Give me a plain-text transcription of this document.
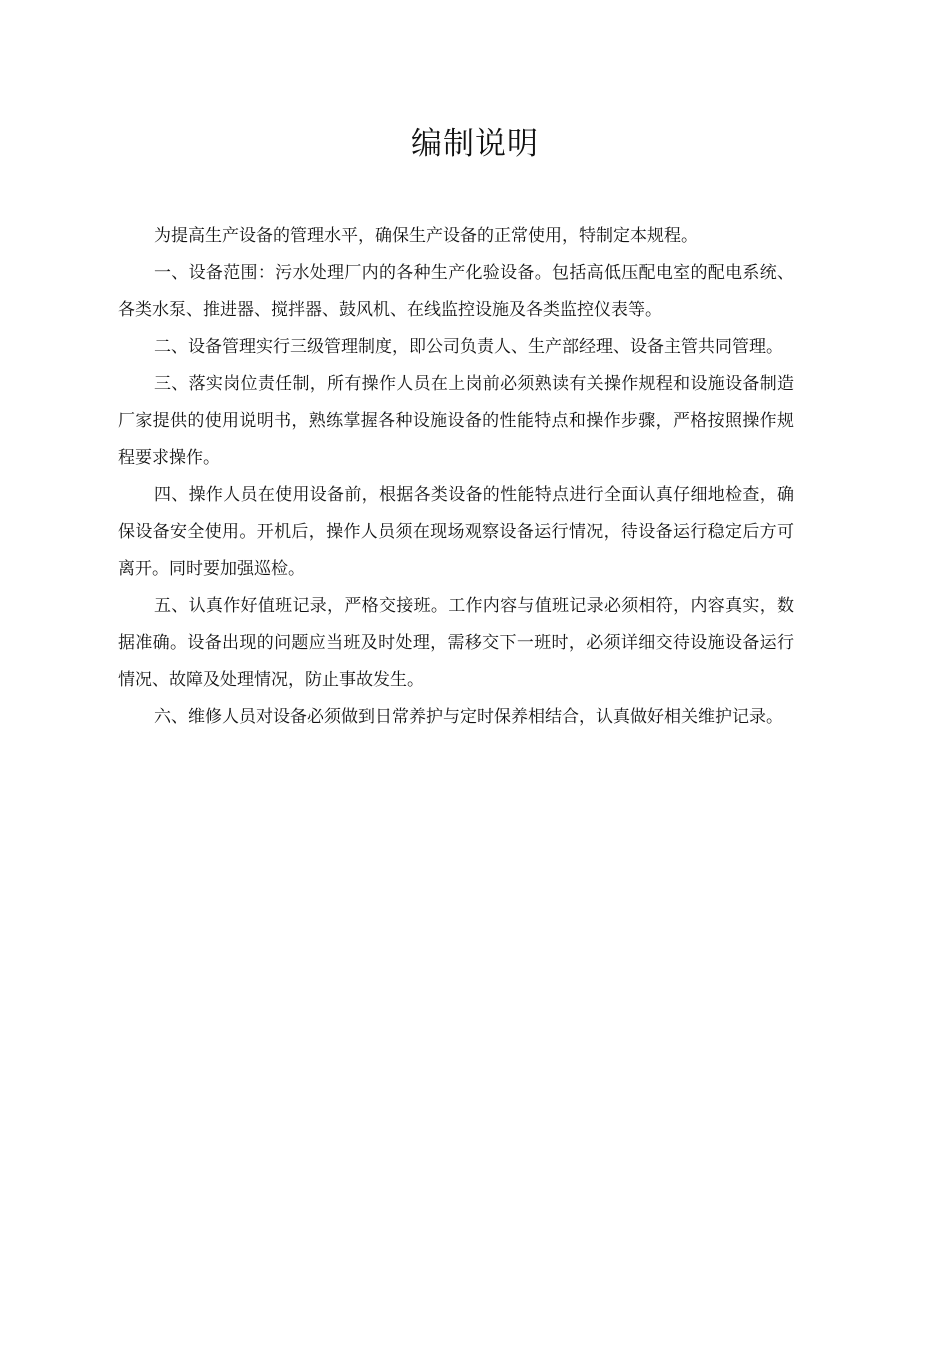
编制说明

为提高生产设备的管理水平，确保生产设备的正常使用，特制定本规程。

一、设备范围：污水处理厂内的各种生产化验设备。包括高低压配电室的配电系统、各类水泵、推进器、搅拌器、鼓风机、在线监控设施及各类监控仪表等。

二、设备管理实行三级管理制度，即公司负责人、生产部经理、设备主管共同管理。

三、落实岗位责任制，所有操作人员在上岗前必须熟读有关操作规程和设施设备制造厂家提供的使用说明书，熟练掌握各种设施设备的性能特点和操作步骤，严格按照操作规程要求操作。

四、操作人员在使用设备前，根据各类设备的性能特点进行全面认真仔细地检查，确保设备安全使用。开机后，操作人员须在现场观察设备运行情况，待设备运行稳定后方可离开。同时要加强巡检。

五、认真作好值班记录，严格交接班。工作内容与值班记录必须相符，内容真实，数据准确。设备出现的问题应当班及时处理，需移交下一班时，必须详细交待设施设备运行情况、故障及处理情况，防止事故发生。

六、维修人员对设备必须做到日常养护与定时保养相结合，认真做好相关维护记录。
